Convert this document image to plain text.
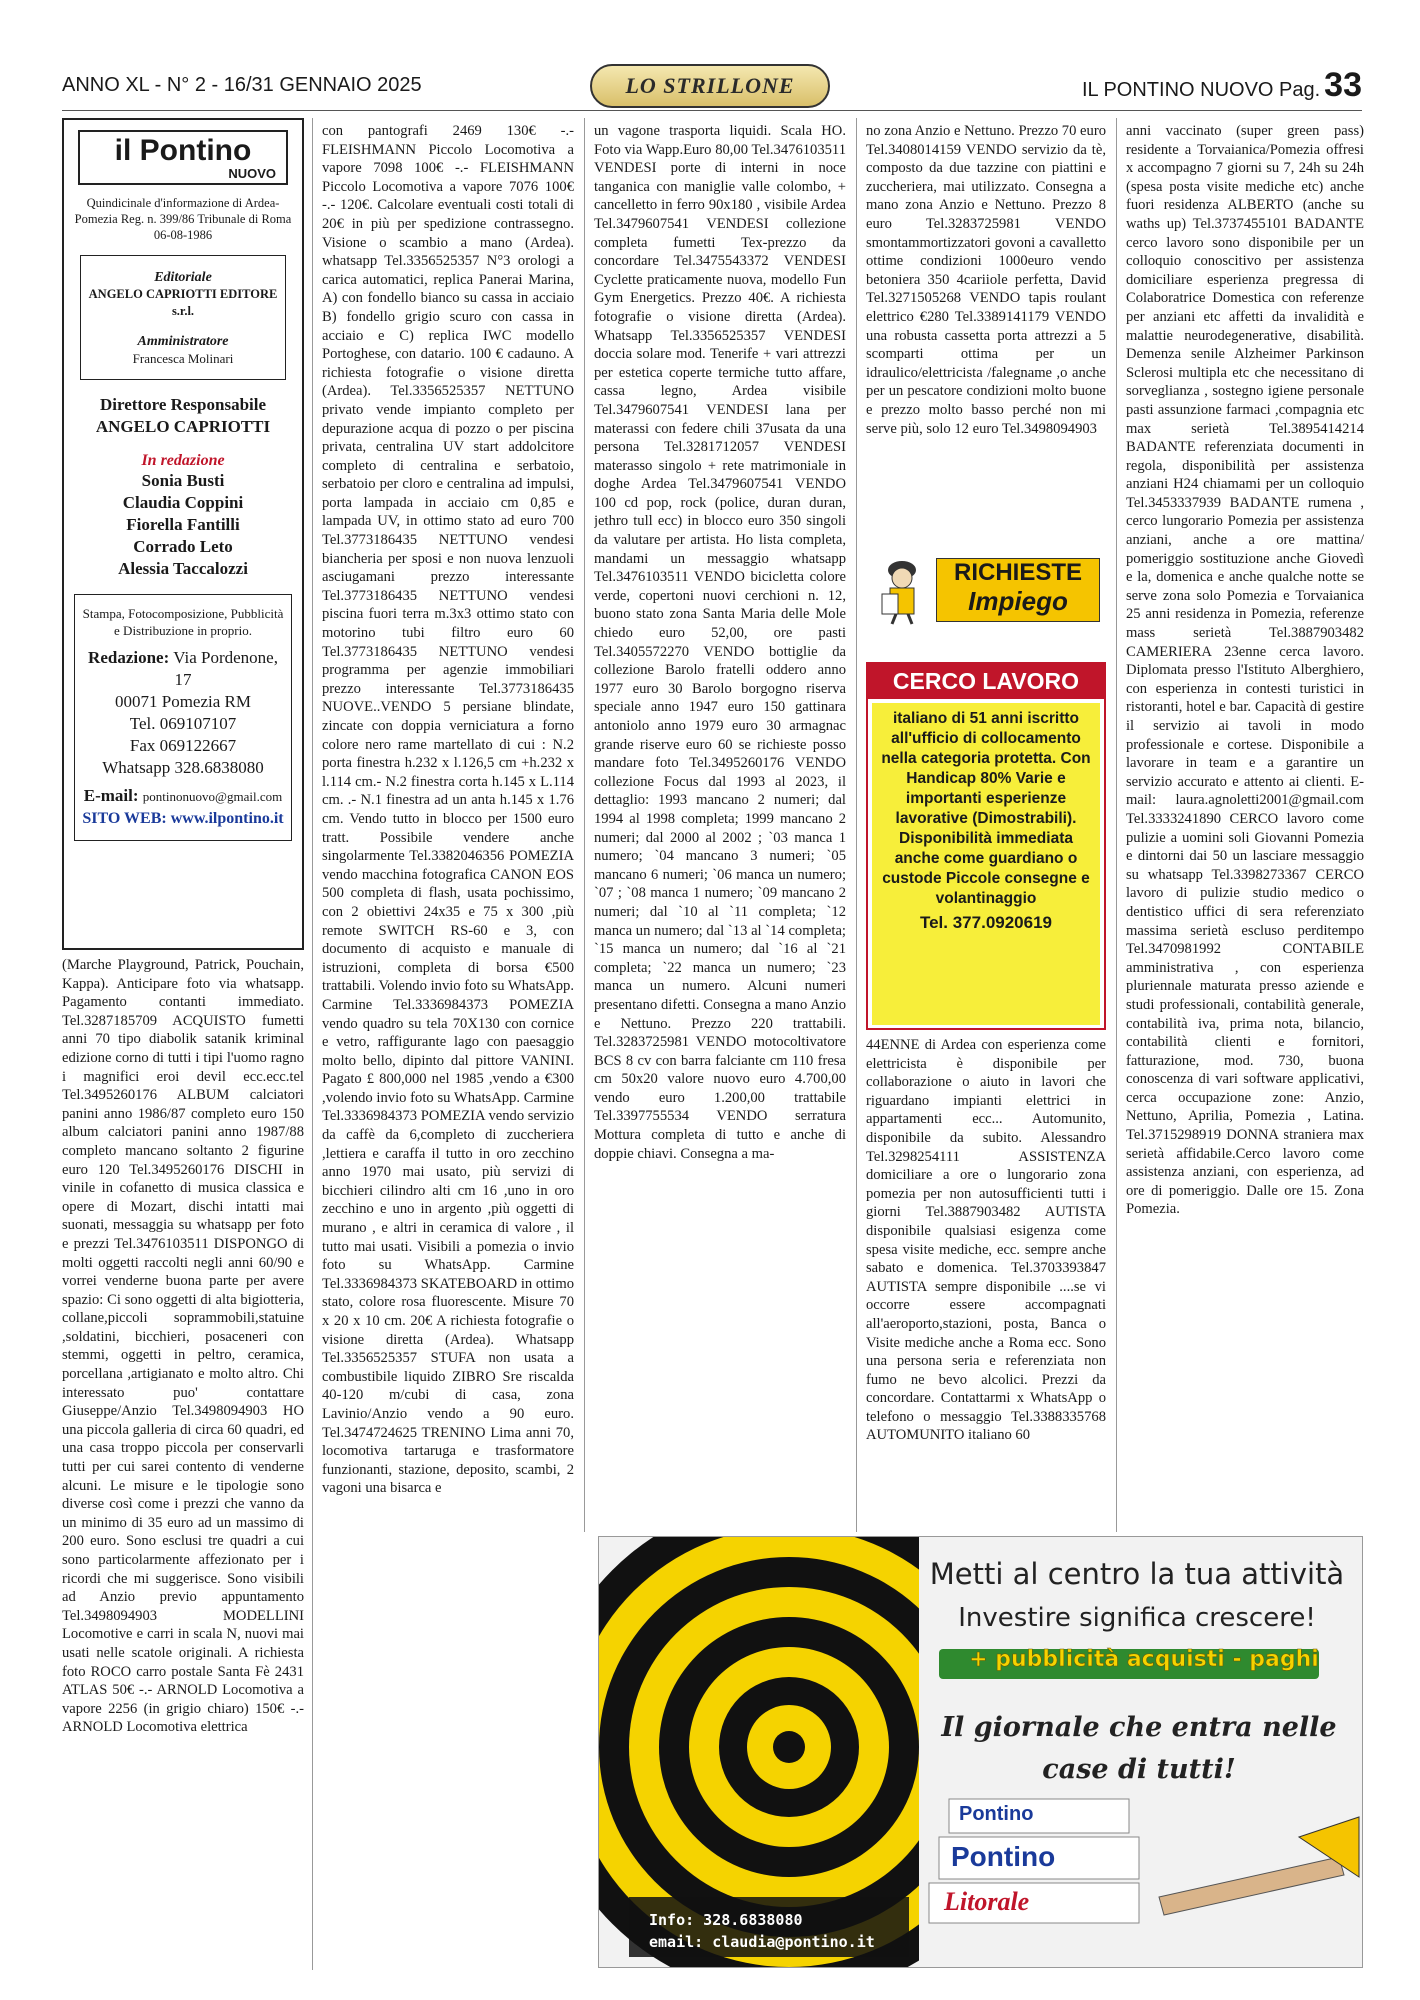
ANNO XL - N° 2 - 16/31 GENNAIO 2025	LO STRILLONE	IL PONTINO NUOVO Pag. 33
il Pontino
NUOVO
Quindicinale d'informazione di Ardea-Pomezia Reg. n. 399/86 Tribunale di Roma 06-08-1986
Editoriale
ANGELO CAPRIOTTI EDITORE s.r.l.
Amministratore
Francesca Molinari
Direttore Responsabile
ANGELO CAPRIOTTI
In redazione
Sonia Busti
Claudia Coppini
Fiorella Fantilli
Corrado Leto
Alessia Taccalozzi
Stampa, Fotocomposizione, Pubblicità e Distribuzione in proprio.
Redazione: Via Pordenone, 17
00071 Pomezia RM
Tel. 069107107
Fax 069122667
Whatsapp 328.6838080
E-mail: pontinonuovo@gmail.com
SITO WEB: www.ilpontino.it

(Marche Playground, Patrick, Pouchain, Kappa). Anticipare foto via whatsapp. Pagamento contanti immediato. Tel.3287185709 ACQUISTO fumetti anni 70 tipo diabolik satanik kriminal edizione corno di tutti i tipi l'uomo ragno i magnifici eroi devil ecc.ecc.tel Tel.3495260176 ALBUM calciatori panini anno 1986/87 completo euro 150 album calciatori panini anno 1987/88 completo mancano soltanto 2 figurine euro 120 Tel.3495260176 DISCHI in vinile in cofanetto di musica classica e opere di Mozart, dischi intatti mai suonati, messaggia su whatsapp per foto e prezzi Tel.3476103511 DISPONGO di molti oggetti raccolti negli anni 60/90 e vorrei venderne buona parte per avere spazio: Ci sono oggetti di alta bigiotteria, collane,piccoli soprammobili,statuine ,soldatini, bicchieri, posaceneri con stemmi, oggetti in peltro, ceramica, porcellana ,artigianato e molto altro. Chi interessato puo' contattare Giuseppe/Anzio Tel.3498094903 HO una piccola galleria di circa 60 quadri, ed una casa troppo piccola per conservarli tutti per cui sarei contento di venderne alcuni. Le misure e le tipologie sono diverse così come i prezzi che vanno da un minimo di 35 euro ad un massimo di 200 euro. Sono esclusi tre quadri a cui sono particolarmente affezionato per i ricordi che mi suggerisce. Sono visibili ad Anzio previo appuntamento Tel.3498094903 MODELLINI Locomotive e carri in scala N, nuovi mai usati nelle scatole originali. A richiesta foto ROCO carro postale Santa Fè 2431 ATLAS 50€ -.- ARNOLD Locomotiva a vapore 2256 (in grigio chiaro) 150€ -.- ARNOLD Locomotiva elettrica

con pantografi 2469 130€ -.- FLEISHMANN Piccolo Locomotiva a vapore 7098 100€ -.- FLEISHMANN Piccolo Locomotiva a vapore 7076 100€ -.- 120€. Calcolare eventuali costi totali di 20€ in più per spedizione contrassegno. Visione o scambio a mano (Ardea). whatsapp Tel.3356525357 N°3 orologi a carica automatici, replica Panerai Marina, A) con fondello bianco su cassa in acciaio B) fondello grigio scuro con cassa in acciaio e C) replica IWC modello Portoghese, con datario. 100 € cadauno. A richiesta fotografie o visione diretta (Ardea). Tel.3356525357 NETTUNO privato vende impianto completo per depurazione acqua di pozzo o per piscina privata, centralina UV start addolcitore completo di centralina e serbatoio, serbatoio per cloro e centralina ad impulsi, porta lampada in acciaio cm 0,85 e lampada UV, in ottimo stato ad euro 700 Tel.3773186435 NETTUNO vendesi biancheria per sposi e non nuova lenzuoli asciugamani prezzo interessante Tel.3773186435 NETTUNO vendesi piscina fuori terra m.3x3 ottimo stato con motorino tubi filtro euro 60 Tel.3773186435 NETTUNO vendesi programma per agenzie immobiliari prezzo interessante Tel.3773186435 NUOVE..VENDO 5 persiane blindate, zincate con doppia verniciatura a forno colore nero ramе martellato di cui : N.2 porta finestra h.232 x l.126,5 cm +h.232 x l.114 cm.- N.2 finestra corta h.145 x L.114 cm. .- N.1 finestra ad un anta h.145 x 1.76 cm. Vendo tutto in blocco per 1500 euro tratt. Possibile vendere anche singolarmente Tel.3382046356 POMEZIA vendo macchina fotografica CANON EOS 500 completa di flash, usata pochissimo, con 2 obiettivi 24x35 e 75 x 300 ,più remote SWITCH RS-60 e 3, con documento di acquisto e manuale di istruzioni, completa di borsa €500 trattabili. Volendo invio foto su WhatsApp. Carmine Tel.3336984373 POMEZIA vendo quadro su tela 70X130 con cornice e vetro, raffigurante lago con paesaggio molto bello, dipinto dal pittore VANINI. Pagato £ 800,000 nel 1985 ,vendo a €300 ,volendo invio foto su WhatsApp. Carmine Tel.3336984373 POMEZIA vendo servizio da caffè da 6,completo di zuccheriera ,lettiera e caraffa il tutto in oro zecchino anno 1970 mai usato, più servizi di bicchieri cilindro alti cm 16 ,uno in oro zecchino e uno in argento ,più oggetti di murano , e altri in ceramica di valore , il tutto mai usati. Visibili a pomezia o invio foto su WhatsApp. Carmine Tel.3336984373 SKATEBOARD in ottimo stato, colore rosa fluorescente. Misure 70 x 20 x 10 cm. 20€ A richiesta fotografie o visione diretta (Ardea). Whatsapp Tel.3356525357 STUFA non usata a combustibile liquido ZIBRO Sre riscalda 40-120 m/cubi di casa, zona Lavinio/Anzio vendo a 90 euro. Tel.3474724625 TRENINO Lima anni 70, locomotiva tartaruga e trasformatore funzionanti, stazione, deposito, scambi, 2 vagoni una bisarca e

un vagone trasporta liquidi. Scala HO. Foto via Wapp.Euro 80,00 Tel.3476103511 VENDESI porte di interni in noce tanganica con maniglie valle colombo, + cancelletto in ferro 90x180 , visibile Ardea Tel.3479607541 VENDESI collezione completa fumetti Tex-prezzo da concordare Tel.3475543372 VENDESI Cyclette praticamente nuova, modello Fun Gym Energetics. Prezzo 40€. A richiesta fotografie o visione diretta (Ardea). Whatsapp Tel.3356525357 VENDESI doccia solare mod. Tenerife + vari attrezzi per estetica coperte termiche tutto affare, cassa legno, Ardea visibile Tel.3479607541 VENDESI lana per materassi con federe chili 37usata da una persona Tel.3281712057 VENDESI materasso singolo + rete matrimoniale in doghe Ardea Tel.3479607541 VENDO 100 cd pop, rock (police, duran duran, jethro tull ecc) in blocco euro 350 singoli da valutare per artista. Ho lista completa, mandami un messaggio whatsapp Tel.3476103511 VENDO bicicletta colore verde, copertoni nuovi cerchioni n. 12, buono stato zona Santa Maria delle Mole chiedo euro 52,00, ore pasti Tel.3405572270 VENDO bottiglie da collezione Barolo fratelli oddero anno 1977 euro 30 Barolo borgogno riserva speciale anno 1947 euro 150 gattinara antoniolo anno 1979 euro 30 armagnac grande riserve euro 60 se richieste posso mandare foto Tel.3495260176 VENDO collezione Focus dal 1993 al 2023, il dettaglio: 1993 mancano 2 numeri; dal 1994 al 1998 completa; 1999 mancano 2 numeri; dal 2000 al 2002 ; `03 manca 1 numero; `04 mancano 3 numeri; `05 mancano 6 numeri; `06 manca un numero; `07 ; `08 manca 1 numero; `09 mancano 2 numeri; dal `10 al `11 completa; `12 manca un numero; dal `13 al `14 completa; `15 manca un numero; dal `16 al `21 completa; `22 manca un numero; `23 manca un numero. Alcuni numeri presentano difetti. Consegna a mano Anzio e Nettuno. Prezzo 220 trattabili. Tel.3283725981 VENDO motocoltivatore BCS 8 cv con barra falciante cm 110 fresa cm 50x20 valore nuovo euro 4.700,00 vendo euro 1.200,00 trattabile Tel.3397755534 VENDO serratura Mottura completa di tutto e anche di doppie chiavi. Consegna a ma-

no zona Anzio e Nettuno. Prezzo 70 euro Tel.3408014159 VENDO servizio da tè, composto da due tazzine con piattini e zuccheriera, mai utilizzato. Consegna a mano zona Anzio e Nettuno. Prezzo 8 euro Tel.3283725981 VENDO smontammortizzatori govoni a cavalletto ottime condizioni 1000euro vendo betoniera 350 4cariiole perfetta, David Tel.3271505268 VENDO tapis roulant elettrico €280 Tel.3389141179 VENDO una robusta cassetta porta attrezzi a 5 scomparti ottima per un idraulico/elettricista /falegname ,o anche per un pescatore condizioni molto buone e prezzo molto basso perché non mi serve più, solo 12 euro Tel.3498094903

RICHIESTE
Impiego
CERCO LAVORO
italiano di 51 anni iscritto all'ufficio di collocamento nella categoria protetta. Con Handicap 80% Varie e importanti esperienze lavorative (Dimostrabili). Disponibilità immediata anche come guardiano o custode Piccole consegne e volantinaggio
Tel. 377.0920619

44ENNE di Ardea con esperienza come elettricista è disponibile per collaborazione o aiuto in lavori che riguardano impianti elettrici in appartamenti ecc... Automunito, disponibile da subito. Alessandro Tel.3298254111 ASSISTENZA domiciliare a ore o lungorario zona pomezia per non autosufficienti tutti i giorni Tel.3887903482 AUTISTA disponibile qualsiasi esigenza come spesa visite mediche, ecc. sempre anche sabato e domenica. Tel.3703393847 AUTISTA sempre disponibile ....se vi occorre essere accompagnati all'aeroporto,stazioni, posta, Banca o Visite mediche anche a Roma ecc. Sono una persona seria e referenziata non fumo ne bevo alcolici. Prezzi da concordare. Contattarmi x WhatsApp o telefono o messaggio Tel.3388335768 AUTOMUNITO italiano 60

anni vaccinato (super green pass) residente a Torvaianica/Pomezia offresi x accompagno 7 giorni su 7, 24h su 24h (spesa posta visite mediche etc) anche fuori residenza ALBERTO (anche su waths up) Tel.3737455101 BADANTE cerco lavoro sono disponibile per un colloquio conoscitivo per assistenza domiciliare esperienza pregressa di Colaboratrice Domestica con referenze per anziani etc affetti da invalidità e malattie neurodegenerative, disabilità. Demenza senile Alzheimer Parkinson Sclerosi multipla etc che necessitano di sorveglianza , sostegno igiene personale pasti assunzione farmaci ,compagnia etc max serietà Tel.3895414214 BADANTE referenziata documenti in regola, disponibilità per assistenza anziani H24 chiamami per un colloquio Tel.3453337939 BADANTE rumena , cerco lungorario Pomezia per assistenza anziani, anche a ore mattina/ pomeriggio sostituzione anche Giovedì e la, domenica e anche qualche notte se serve zona solo Pomezia e Torvaianica 25 anni residenza in Pomezia, referenze mass serietà Tel.3887903482 CAMERIERA 23enne cerca lavoro. Diplomata presso l'Istituto Alberghiero, con esperienza in contesti turistici in ristoranti, hotel e bar. Capacità di gestire il servizio ai tavoli in modo professionale e cortese. Disponibile a lavorare in team e a garantire un servizio accurato e attento ai clienti. E-mail: laura.agnoletti2001@gmail.com Tel.3333241890 CERCO lavoro come pulizie a uomini soli Giovanni Pomezia e dintorni dai 50 un lasciare messaggio su whatsapp Tel.3398273367 CERCO lavoro di pulizie studio medico o dentistico uffici di sera referenziato massima serietà escluso perditempo Tel.3470981992 CONTABILE amministrativa , con esperienza pluriennale maturata presso aziende e studi professionali, contabilità generale, contabilità iva, prima nota, bilancio, contabilità clienti e fornitori, fatturazione, mod. 730, buona conoscenza di vari software applicativi, cerca occupazione zone: Anzio, Nettuno, Aprilia, Pomezia , Latina. Tel.3715298919 DONNA straniera max serietà affidabile.Cerco lavoro come assistenza anziani, con esperienza, ad ore di pomeriggio. Dalle ore 15. Zona Pomezia.

Metti al centro la tua attività
Investire significa crescere!
+ pubblicità acquisti - paghi
Il giornale che entra nelle case di tutti!
Pontino
Pontino
Litorale
Info: 328.6838080
email: claudia@pontino.it
